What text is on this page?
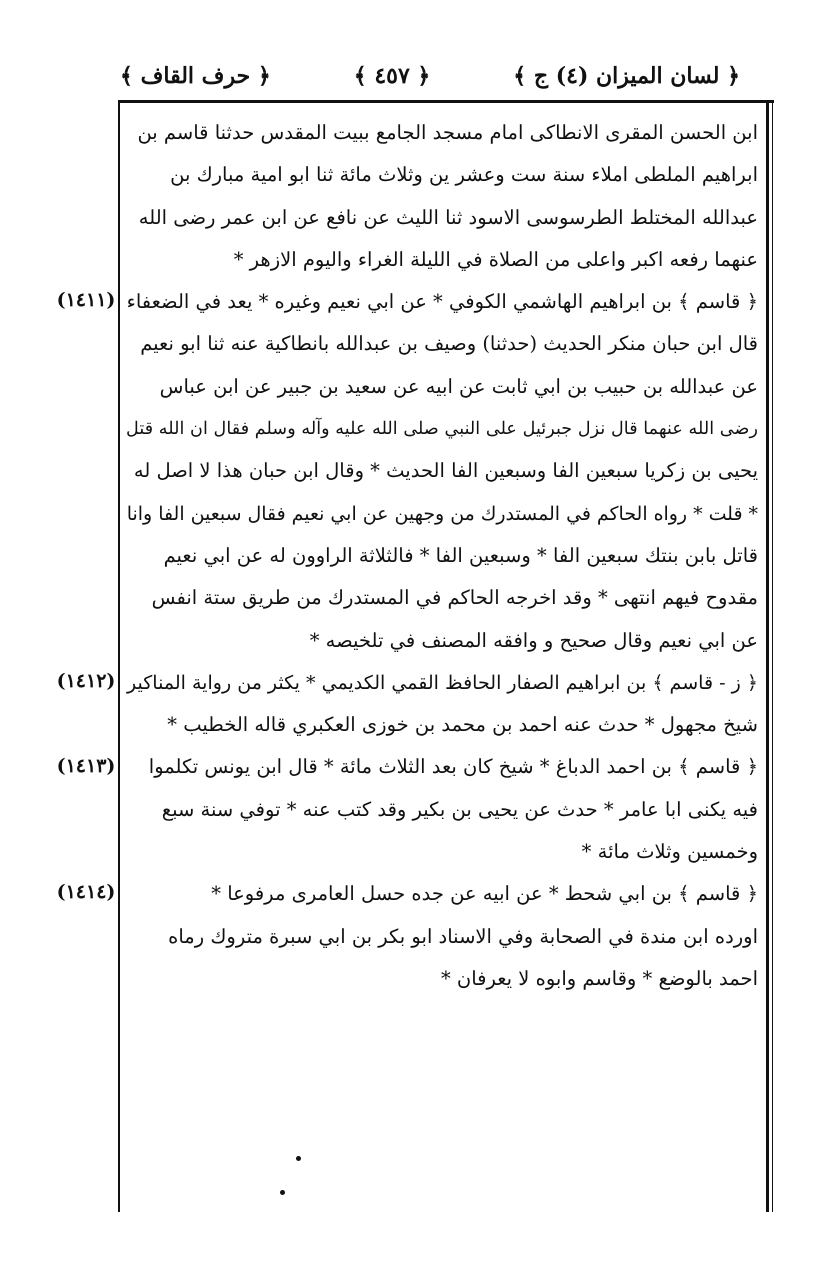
﴿ حرف القاف ﴾	﴿ ٤٥٧ ﴾	﴿ لسان الميزان (٤) ج ﴾
ابن الحسن المقرى الانطاكى امام مسجد الجامع ببيت المقدس حدثنا قاسم بن
ابراهيم الملطى املاء سنة ست وعشر ين وثلاث مائة ثنا ابو امية مبارك بن
عبدالله المختلط الطرسوسى الاسود ثنا الليث عن نافع عن ابن عمر رضى الله
عنهما رفعه اكبر واعلى من الصلاة في الليلة الغراء واليوم الازهر *
﴿ قاسم ﴾ بن ابراهيم الهاشمي الكوفي * عن ابي نعيم وغيره * يعد في الضعفاء
قال ابن حبان منكر الحديث (حدثنا) وصيف بن عبدالله بانطاكية عنه ثنا ابو نعيم
عن عبدالله بن حبيب بن ابي ثابت عن ابيه عن سعيد بن جبير عن ابن عباس
رضى الله عنهما قال نزل جبرئيل على النبي صلى الله عليه وآله وسلم فقال ان الله قتل
يحيى بن زكريا سبعين الفا وسبعين الفا الحديث * وقال ابن حبان هذا لا اصل له
* قلت * رواه الحاكم في المستدرك من وجهين عن ابي نعيم فقال سبعين الفا وانا
قاتل بابن بنتك سبعين الفا * وسبعين الفا * فالثلاثة الراوون له عن ابي نعيم
مقدوح فيهم انتهى * وقد اخرجه الحاكم في المستدرك من طريق ستة انفس
عن ابي نعيم وقال صحيح و وافقه المصنف في تلخيصه *
﴿ ز - قاسم ﴾ بن ابراهيم الصفار الحافظ القمي الكديمي * يكثر من رواية المناكير
شيخ مجهول * حدث عنه احمد بن محمد بن خوزى العكبري قاله الخطيب *
﴿ قاسم ﴾ بن احمد الدباغ * شيخ كان بعد الثلاث مائة * قال ابن يونس تكلموا
فيه يكنى ابا عامر * حدث عن يحيى بن بكير وقد كتب عنه * توفي سنة سبع
وخمسين وثلاث مائة *
﴿ قاسم ﴾ بن ابي شحط * عن ابيه عن جده حسل العامرى مرفوعا *
اورده ابن مندة في الصحابة وفي الاسناد ابو بكر بن ابي سبرة متروك رماه
احمد بالوضع * وقاسم وابوه لا يعرفان *
(١٤١١)
(١٤١٢)
(١٤١٣)
(١٤١٤)
